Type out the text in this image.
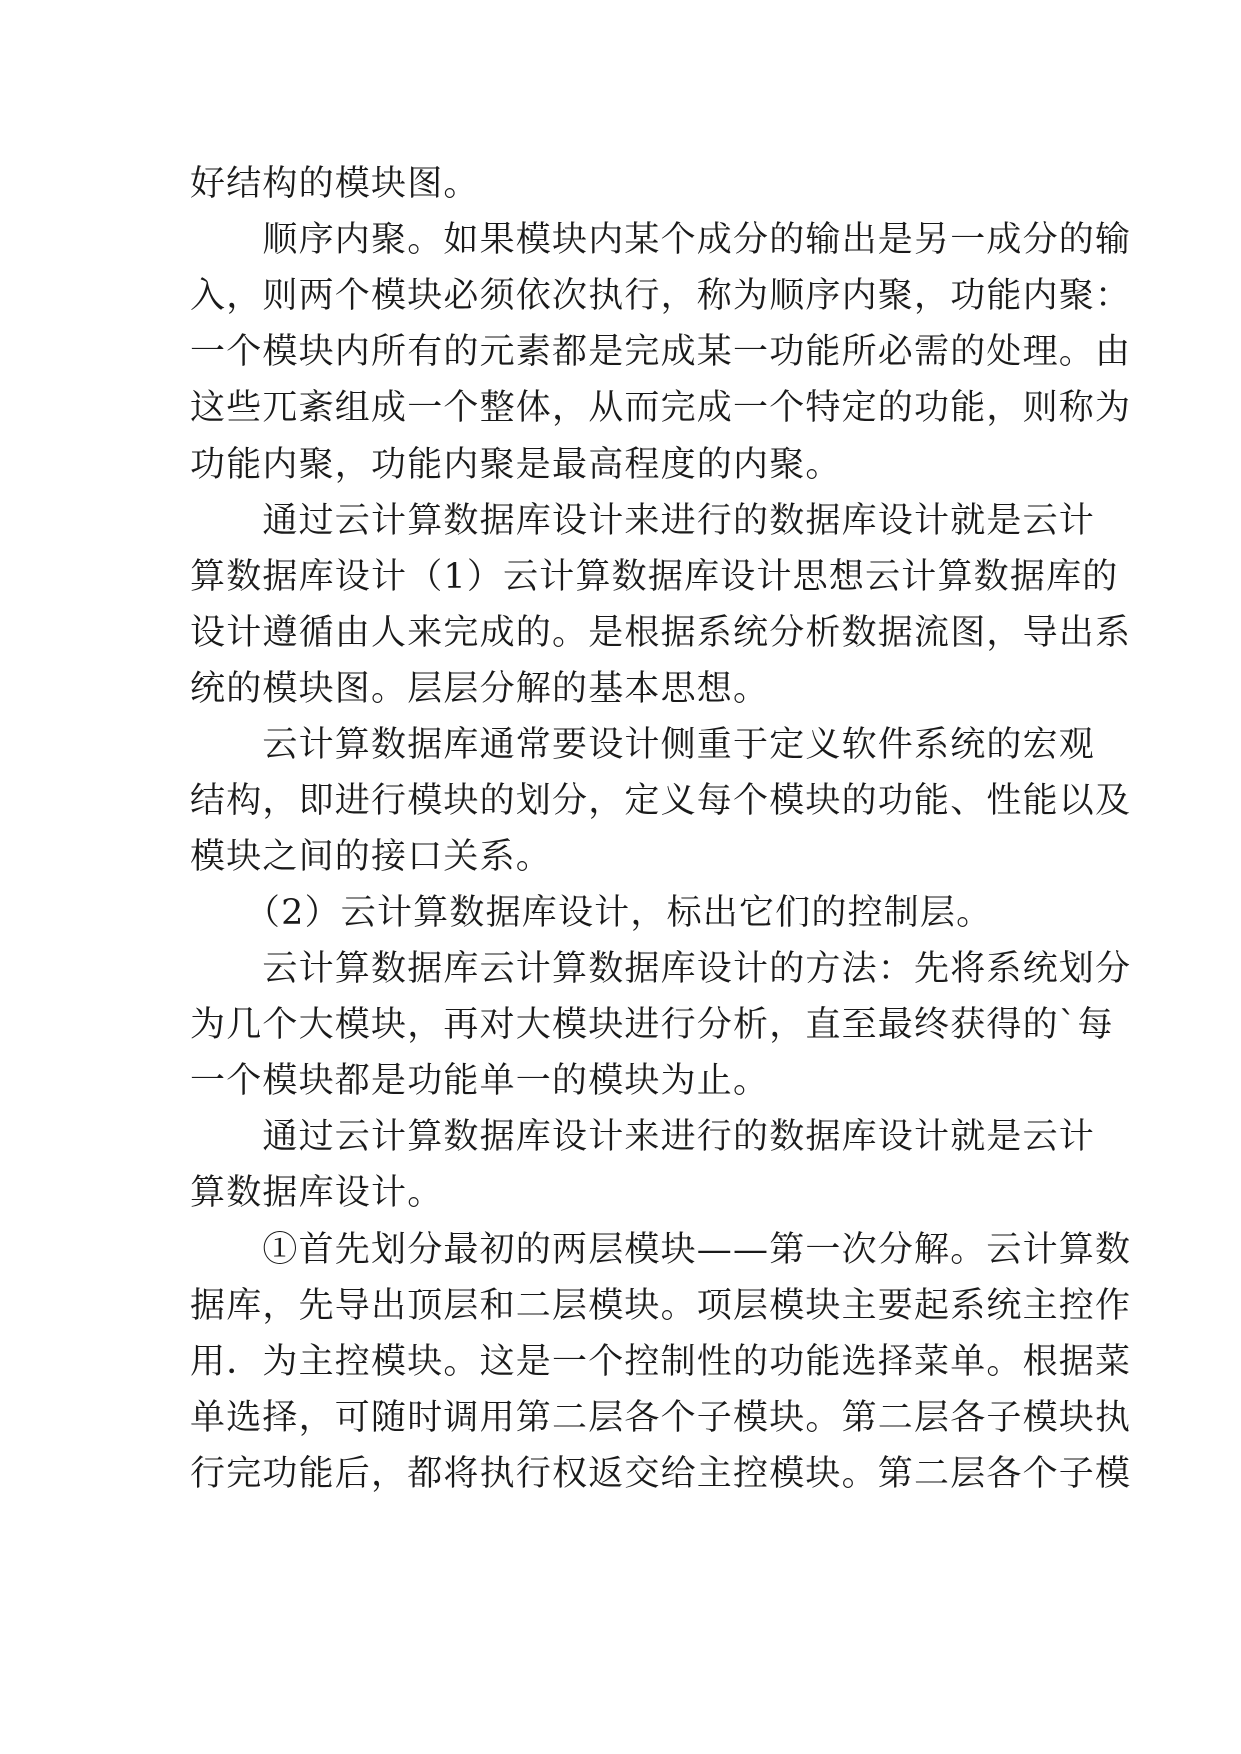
好结构的模块图。

　　顺序内聚。如果模块内某个成分的输出是另一成分的输

入，则两个模块必须依次执行，称为顺序内聚，功能内聚：

一个模块内所有的元素都是完成某一功能所必需的处理。由

这些兀紊组成一个整体，从而完成一个特定的功能，则称为

功能内聚，功能内聚是最高程度的内聚。

　　通过云计算数据库设计来进行的数据库设计就是云计

算数据库设计（1）云计算数据库设计思想云计算数据库的

设计遵循由人来完成的。是根据系统分析数据流图，导出系

统的模块图。层层分解的基本思想。

　　云计算数据库通常要设计侧重于定义软件系统的宏观

结构，即进行模块的划分，定义每个模块的功能、性能以及

模块之间的接口关系。

　　（2）云计算数据库设计，标出它们的控制层。

　　云计算数据库云计算数据库设计的方法：先将系统划分

为几个大模块，再对大模块进行分析，直至最终获得的`每

一个模块都是功能单一的模块为止。

　　通过云计算数据库设计来进行的数据库设计就是云计

算数据库设计。

　　①首先划分最初的两层模块——第一次分解。云计算数

据库，先导出顶层和二层模块。项层模块主要起系统主控作

用．为主控模块。这是一个控制性的功能选择菜单。根据菜

单选择，可随时调用第二层各个子模块。第二层各子模块执

行完功能后，都将执行权返交给主控模块。第二层各个子模
